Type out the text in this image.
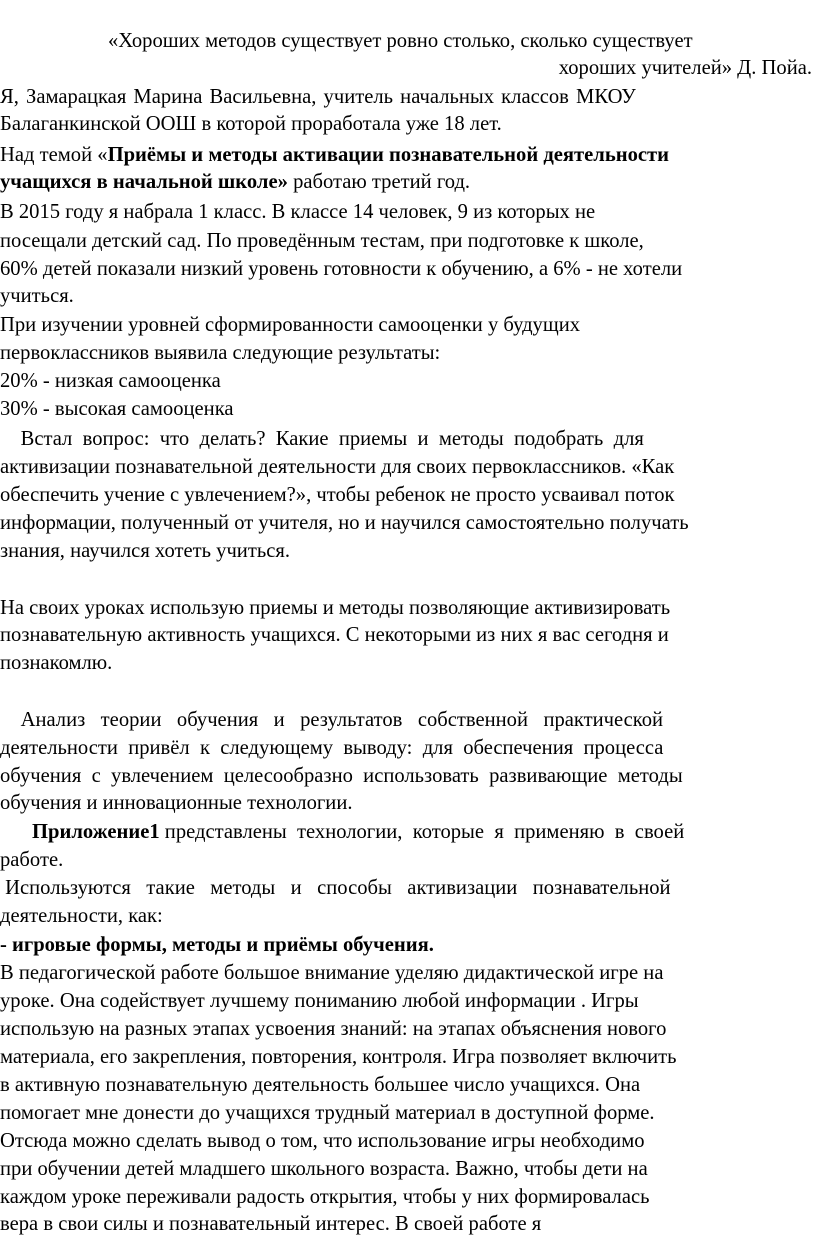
«Хороших методов существует ровно столько, сколько существует
хороших учителей» Д. Пойа.
Я, Замарацкая Марина Васильевна, учитель начальных классов МКОУ
Балаганкинской ООШ в которой проработала уже 18 лет.
Над темой «Приёмы и методы активации познавательной деятельности
учащихся в начальной школе» работаю третий год.
В 2015 году я набрала 1 класс. В классе 14 человек, 9 из которых не
посещали детский сад. По проведённым тестам, при подготовке к школе,
60% детей показали низкий уровень готовности к обучению, а 6% - не хотели
учиться.
При изучении уровней сформированности самооценки у будущих
первоклассников выявила следующие результаты:
20% - низкая самооценка
30% - высокая самооценка
Встал  вопрос:  что  делать?  Какие  приемы  и  методы  подобрать  для
активизации познавательной деятельности для своих первоклассников. «Как
обеспечить учение с увлечением?», чтобы ребенок не просто усваивал поток
информации, полученный от учителя, но и научился самостоятельно получать
знания, научился хотеть учиться.
На своих уроках использую приемы и методы позволяющие активизировать
познавательную активность учащихся. С некоторыми из них я вас сегодня и
познакомлю.
Анализ   теории   обучения   и   результатов   собственной   практической
деятельности  привёл  к  следующему  выводу:  для  обеспечения  процесса
обучения  с  увлечением  целесообразно  использовать  развивающие  методы
обучения и инновационные технологии.
Приложение1 представлены  технологии,  которые  я  применяю  в  своей
работе.
Используются   такие   методы   и   способы   активизации   познавательной
деятельности, как:
- игровые формы, методы и приёмы обучения.
В педагогической работе большое внимание уделяю дидактической игре на
уроке. Она содействует лучшему пониманию любой информации . Игры
использую на разных этапах усвоения знаний: на этапах объяснения нового
материала, его закрепления, повторения, контроля. Игра позволяет включить
в активную познавательную деятельность большее число учащихся. Она
помогает мне донести до учащихся трудный материал в доступной форме.
Отсюда можно сделать вывод о том, что использование игры необходимо
при обучении детей младшего школьного возраста. Важно, чтобы дети на
каждом уроке переживали радость открытия, чтобы у них формировалась
вера в свои силы и познавательный интерес. В своей работе я
